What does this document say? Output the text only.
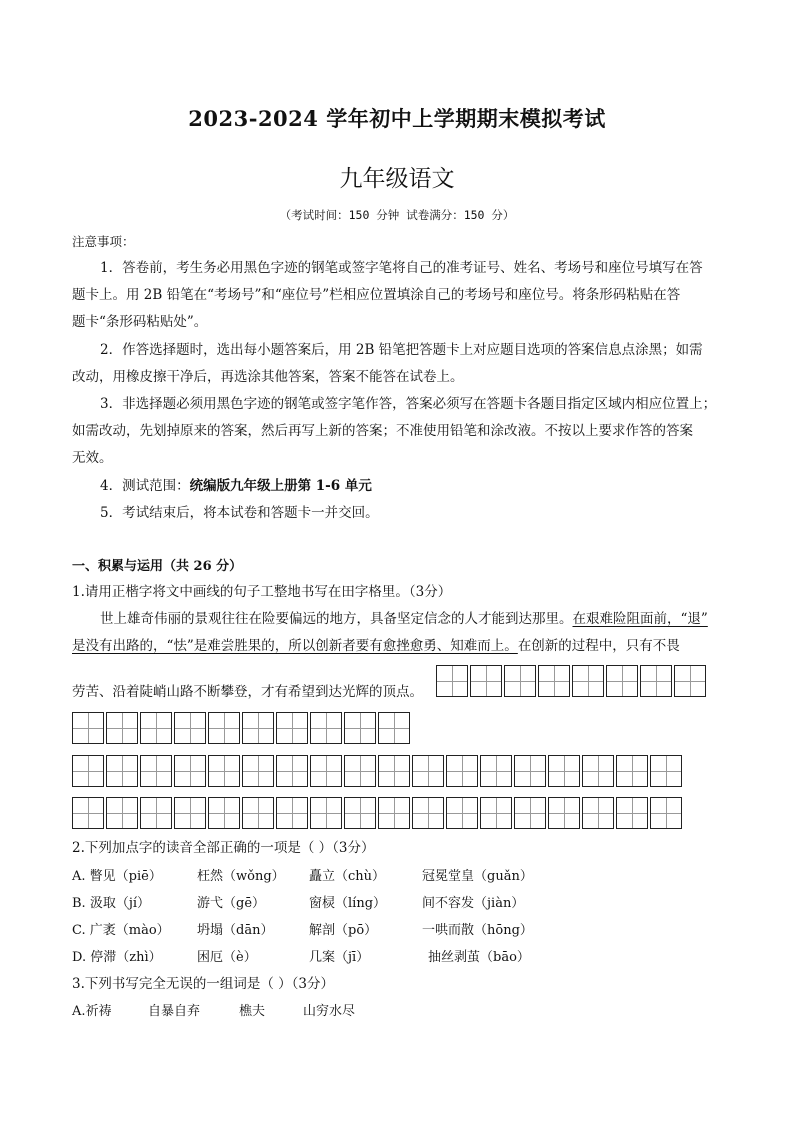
2023-2024 学年初中上学期期末模拟考试
九年级语文
（考试时间：150 分钟 试卷满分：150 分）
注意事项：
1．答卷前，考生务必用黑色字迹的钢笔或签字笔将自己的准考证号、姓名、考场号和座位号填写在答
题卡上。用 2B 铅笔在“考场号”和“座位号”栏相应位置填涂自己的考场号和座位号。将条形码粘贴在答
题卡“条形码粘贴处”。
2．作答选择题时，选出每小题答案后，用 2B 铅笔把答题卡上对应题目选项的答案信息点涂黑；如需
改动，用橡皮擦干净后，再选涂其他答案，答案不能答在试卷上。
3．非选择题必须用黑色字迹的钢笔或签字笔作答，答案必须写在答题卡各题目指定区域内相应位置上；
如需改动，先划掉原来的答案，然后再写上新的答案；不准使用铅笔和涂改液。不按以上要求作答的答案
无效。
4．测试范围：统编版九年级上册第 1-6 单元
5．考试结束后，将本试卷和答题卡一并交回。
一、积累与运用（共 26 分）
1.请用正楷字将文中画线的句子工整地书写在田字格里。（3分）
世上雄奇伟丽的景观往往在险要偏远的地方，具备坚定信念的人才能到达那里。在艰难险阻面前，“退”
是没有出路的，“怯”是难尝胜果的，所以创新者要有愈挫愈勇、知难而上。在创新的过程中，只有不畏
劳苦、沿着陡峭山路不断攀登，才有希望到达光辉的顶点。
2.下列加点字的读音全部正确的一项是（ ）（3分）
A. 瞥见（piē）	枉然（wǒng） 矗立（chù）	冠冕堂皇（guǎn）
B. 汲取（jí）	游弋（gē）	窗棂（líng）	间不容发（jiàn）
C. 广袤（mào） 坍塌（dān）	解剖（pō）	一哄而散（hōng）
D. 停滞（zhì）	困厄（è）	几案（jī）	抽丝剥茧（bāo）
3.下列书写完全无误的一组词是（ ）（3分）
A.祈祷	自暴自弃	樵夫	山穷水尽
